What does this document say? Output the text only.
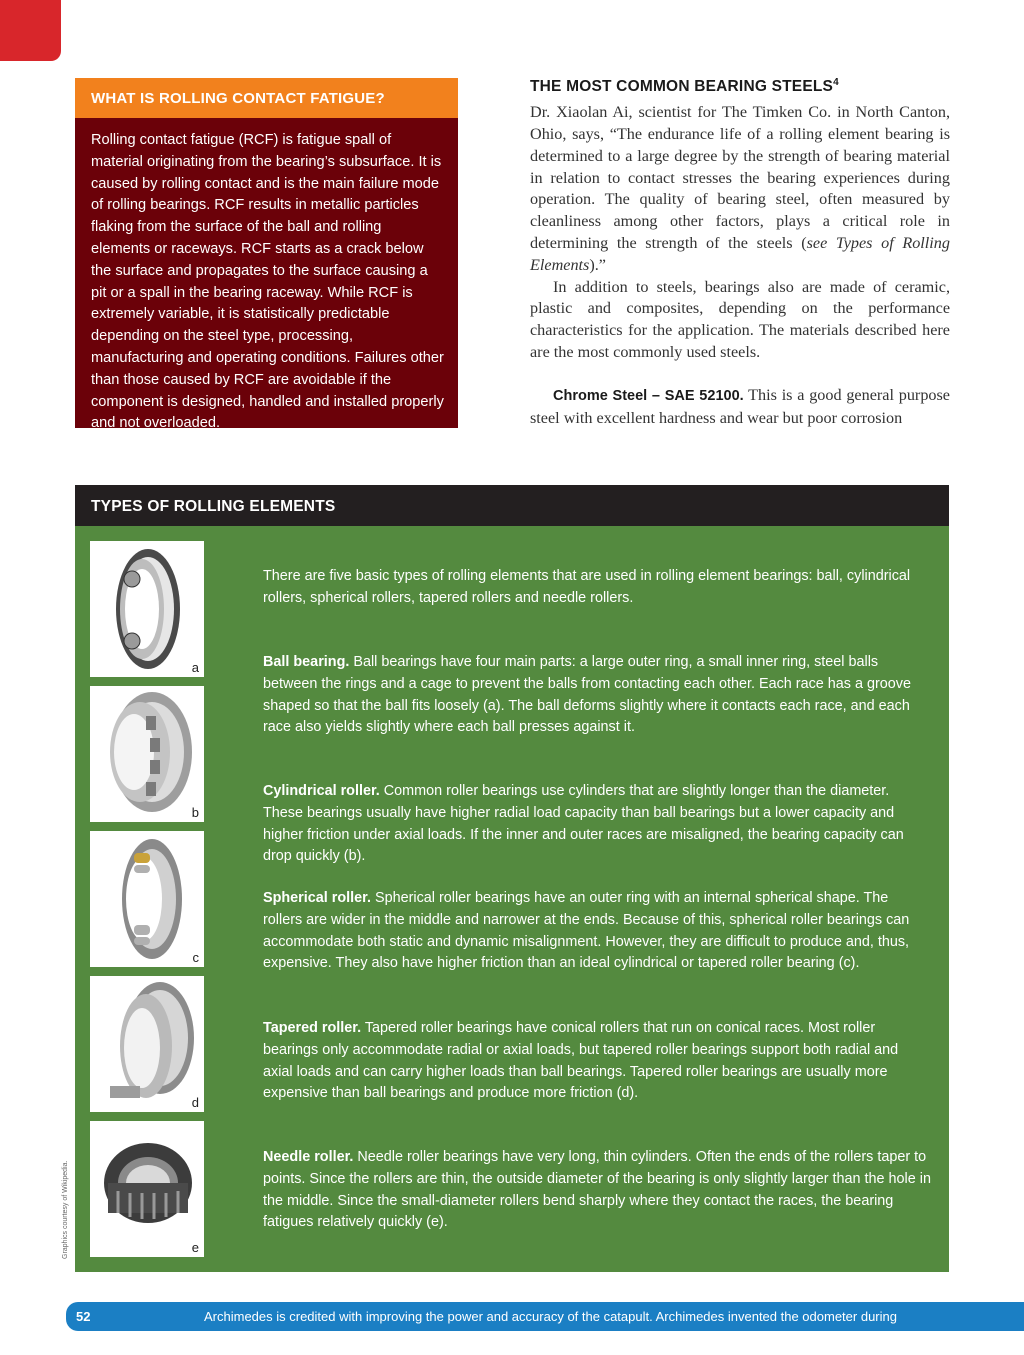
WHAT IS ROLLING CONTACT FATIGUE?
Rolling contact fatigue (RCF) is fatigue spall of material originating from the bearing’s subsurface. It is caused by rolling contact and is the main failure mode of rolling bearings. RCF results in metallic particles flaking from the surface of the ball and rolling elements or raceways. RCF starts as a crack below the surface and propagates to the surface causing a pit or a spall in the bearing raceway. While RCF is extremely variable, it is statistically predictable depending on the steel type, processing, manufacturing and operating conditions. Failures other than those caused by RCF are avoidable if the component is designed, handled and installed properly and not overloaded.
THE MOST COMMON BEARING STEELS$^4$

Dr. Xiaolan Ai, scientist for The Timken Co. in North Canton, Ohio, says, “The endurance life of a rolling element bearing is determined to a large degree by the strength of bearing material in relation to contact stresses the bearing experiences during operation. The quality of bearing steel, often measured by cleanliness among other factors, plays a critical role in determining the strength of the steels (see Types of Rolling Elements).”

In addition to steels, bearings also are made of ceramic, plastic and composites, depending on the performance characteristics for the application. The materials described here are the most commonly used steels.

Chrome Steel – SAE 52100. This is a good general purpose steel with excellent hardness and wear but poor corrosion

TYPES OF ROLLING ELEMENTS
a
b
c
d
e
There are five basic types of rolling elements that are used in rolling element bearings: ball, cylindrical rollers, spherical rollers, tapered rollers and needle rollers.
Ball bearing. Ball bearings have four main parts: a large outer ring, a small inner ring, steel balls between the rings and a cage to prevent the balls from contacting each other. Each race has a groove shaped so that the ball fits loosely (a). The ball deforms slightly where it contacts each race, and each race also yields slightly where each ball presses against it.
Cylindrical roller. Common roller bearings use cylinders that are slightly longer than the diameter. These bearings usually have higher radial load capacity than ball bearings but a lower capacity and higher friction under axial loads. If the inner and outer races are misaligned, the bearing capacity can drop quickly (b).
Spherical roller. Spherical roller bearings have an outer ring with an internal spherical shape. The rollers are wider in the middle and narrower at the ends. Because of this, spherical roller bearings can accommodate both static and dynamic misalignment. However, they are difficult to produce and, thus, expensive. They also have higher friction than an ideal cylindrical or tapered roller bearing (c).
Tapered roller. Tapered roller bearings have conical rollers that run on conical races. Most roller bearings only accommodate radial or axial loads, but tapered roller bearings support both radial and axial loads and can carry higher loads than ball bearings. Tapered roller bearings are usually more expensive than ball bearings and produce more friction (d).
Needle roller. Needle roller bearings have very long, thin cylinders. Often the ends of the rollers taper to points. Since the rollers are thin, the outside diameter of the bearing is only slightly larger than the hole in the middle. Since the small-diameter rollers bend sharply where they contact the races, the bearing fatigues relatively quickly (e).
Graphics courtesy of Wikipedia.
52	Archimedes is credited with improving the power and accuracy of the catapult. Archimedes invented the odometer during
